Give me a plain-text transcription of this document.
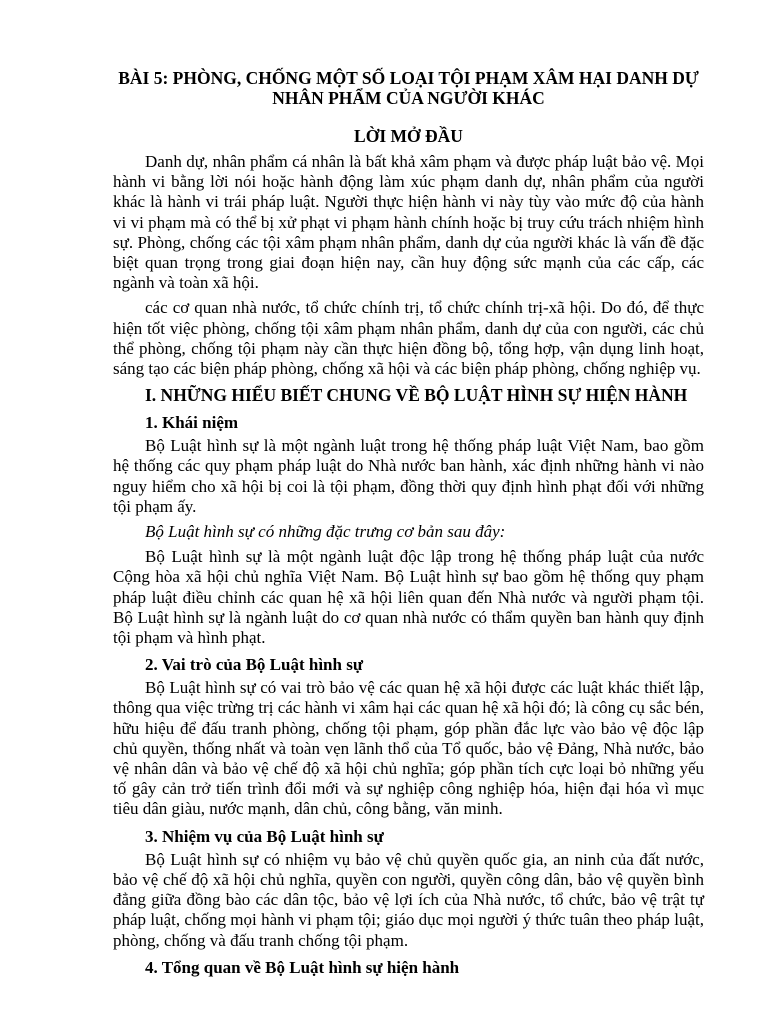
BÀI 5: PHÒNG, CHỐNG MỘT SỐ LOẠI TỘI PHẠM XÂM HẠI DANH DỰ NHÂN PHẨM CỦA NGƯỜI KHÁC
LỜI MỞ ĐẦU

Danh dự, nhân phẩm cá nhân là bất khả xâm phạm và được pháp luật bảo vệ. Mọi hành vi bằng lời nói hoặc hành động làm xúc phạm danh dự, nhân phẩm của người khác là hành vi trái pháp luật. Người thực hiện hành vi này tùy vào mức độ của hành vi vi phạm mà có thể bị xử phạt vi phạm hành chính hoặc bị truy cứu trách nhiệm hình sự. Phòng, chống các tội xâm phạm nhân phẩm, danh dự của người khác là vấn đề đặc biệt quan trọng trong giai đoạn hiện nay, cần huy động sức mạnh của các cấp, các ngành và toàn xã hội.

các cơ quan nhà nước, tổ chức chính trị, tổ chức chính trị-xã hội. Do đó, để thực hiện tốt việc phòng, chống tội xâm phạm nhân phẩm, danh dự của con người, các chủ thể phòng, chống tội phạm này cần thực hiện đồng bộ, tổng hợp, vận dụng linh hoạt, sáng tạo các biện pháp phòng, chống xã hội và các biện pháp phòng, chống nghiệp vụ.

I. NHỮNG HIỂU BIẾT CHUNG VỀ BỘ LUẬT HÌNH SỰ HIỆN HÀNH
1. Khái niệm

Bộ Luật hình sự là một ngành luật trong hệ thống pháp luật Việt Nam, bao gồm hệ thống các quy phạm pháp luật do Nhà nước ban hành, xác định những hành vi nào nguy hiểm cho xã hội bị coi là tội phạm, đồng thời quy định hình phạt đối với những tội phạm ấy.

Bộ Luật hình sự có những đặc trưng cơ bản sau đây:

Bộ Luật hình sự là một ngành luật độc lập trong hệ thống pháp luật của nước Cộng hòa xã hội chủ nghĩa Việt Nam. Bộ Luật hình sự bao gồm hệ thống quy phạm pháp luật điều chỉnh các quan hệ xã hội liên quan đến Nhà nước và người phạm tội. Bộ Luật hình sự là ngành luật do cơ quan nhà nước có thẩm quyền ban hành quy định tội phạm và hình phạt.

2. Vai trò của Bộ Luật hình sự

Bộ Luật hình sự có vai trò bảo vệ các quan hệ xã hội được các luật khác thiết lập, thông qua việc trừng trị các hành vi xâm hại các quan hệ xã hội đó; là công cụ sắc bén, hữu hiệu để đấu tranh phòng, chống tội phạm, góp phần đắc lực vào bảo vệ độc lập chủ quyền, thống nhất và toàn vẹn lãnh thổ của Tổ quốc, bảo vệ Đảng, Nhà nước, bảo vệ nhân dân và bảo vệ chế độ xã hội chủ nghĩa; góp phần tích cực loại bỏ những yếu tố gây cản trở tiến trình đổi mới và sự nghiệp công nghiệp hóa, hiện đại hóa vì mục tiêu dân giàu, nước mạnh, dân chủ, công bằng, văn minh.

3. Nhiệm vụ của Bộ Luật hình sự

Bộ Luật hình sự có nhiệm vụ bảo vệ chủ quyền quốc gia, an ninh của đất nước, bảo vệ chế độ xã hội chủ nghĩa, quyền con người, quyền công dân, bảo vệ quyền bình đẳng giữa đồng bào các dân tộc, bảo vệ lợi ích của Nhà nước, tổ chức, bảo vệ trật tự pháp luật, chống mọi hành vi phạm tội; giáo dục mọi người ý thức tuân theo pháp luật, phòng, chống và đấu tranh chống tội phạm.

4. Tổng quan về Bộ Luật hình sự hiện hành
